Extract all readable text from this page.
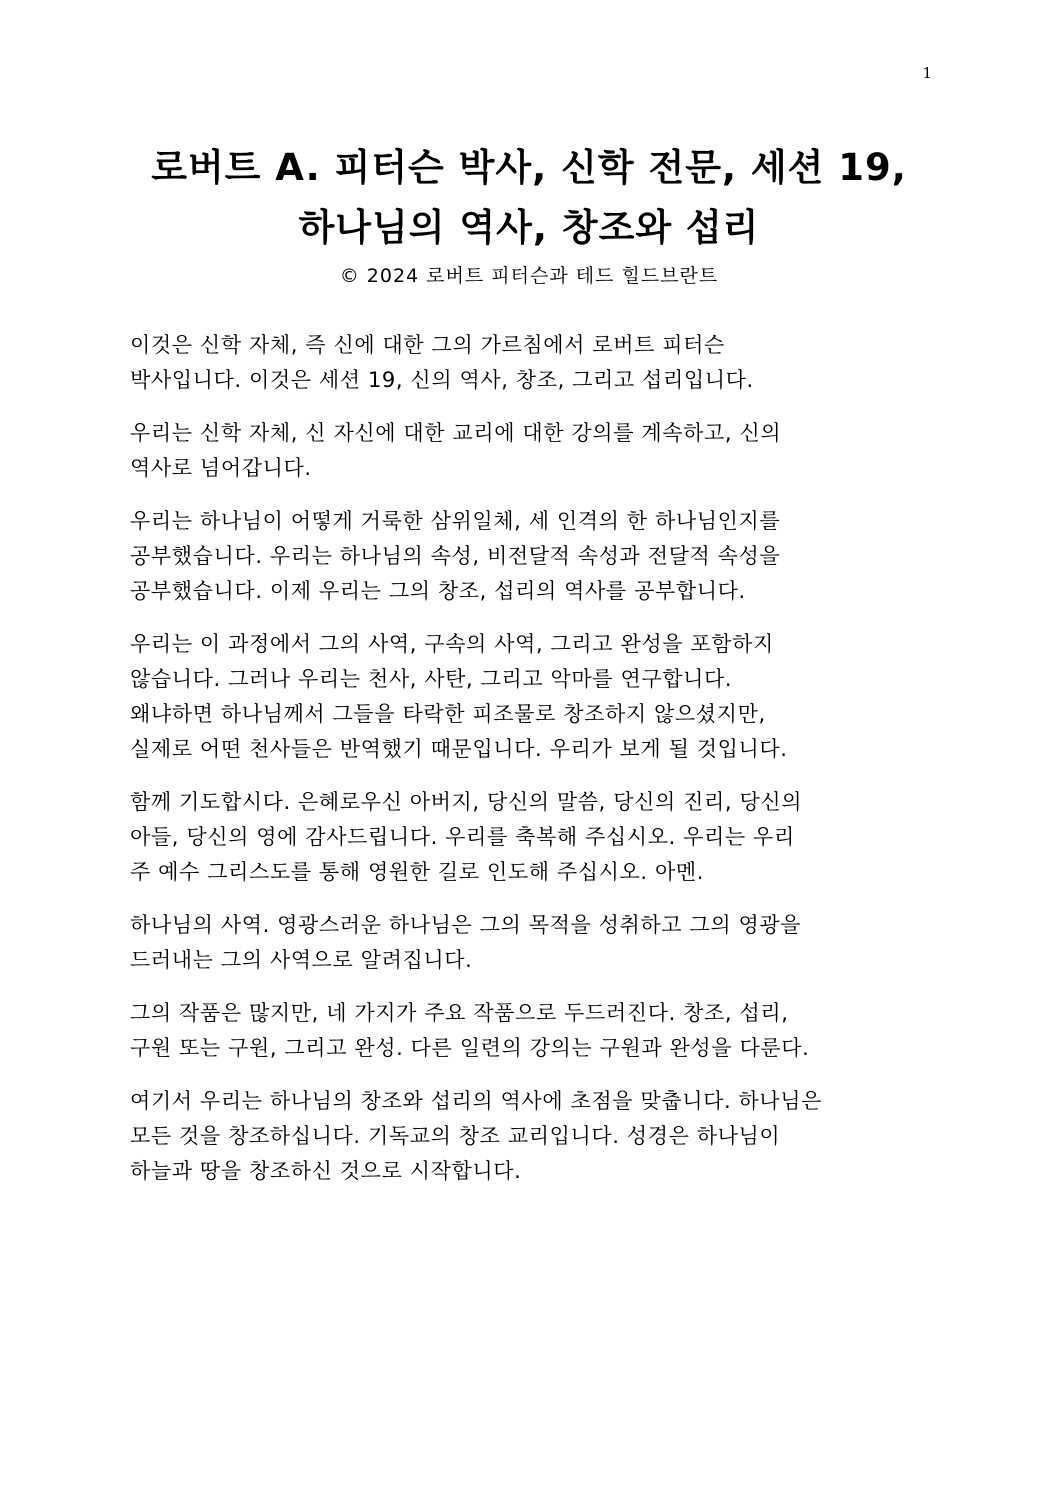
1
로버트 A. 피터슨 박사, 신학 전문, 세션 19,
하나님의 역사, 창조와 섭리
© 2024 로버트 피터슨과 테드 힐드브란트
이것은 신학 자체, 즉 신에 대한 그의 가르침에서 로버트 피터슨
박사입니다. 이것은 세션 19, 신의 역사, 창조, 그리고 섭리입니다.
우리는 신학 자체, 신 자신에 대한 교리에 대한 강의를 계속하고, 신의
역사로 넘어갑니다.
우리는 하나님이 어떻게 거룩한 삼위일체, 세 인격의 한 하나님인지를
공부했습니다. 우리는 하나님의 속성, 비전달적 속성과 전달적 속성을
공부했습니다. 이제 우리는 그의 창조, 섭리의 역사를 공부합니다.
우리는 이 과정에서 그의 사역, 구속의 사역, 그리고 완성을 포함하지
않습니다. 그러나 우리는 천사, 사탄, 그리고 악마를 연구합니다.
왜냐하면 하나님께서 그들을 타락한 피조물로 창조하지 않으셨지만,
실제로 어떤 천사들은 반역했기 때문입니다. 우리가 보게 될 것입니다.
함께 기도합시다. 은혜로우신 아버지, 당신의 말씀, 당신의 진리, 당신의
아들, 당신의 영에 감사드립니다. 우리를 축복해 주십시오. 우리는 우리
주 예수 그리스도를 통해 영원한 길로 인도해 주십시오. 아멘.
하나님의 사역. 영광스러운 하나님은 그의 목적을 성취하고 그의 영광을
드러내는 그의 사역으로 알려집니다.
그의 작품은 많지만, 네 가지가 주요 작품으로 두드러진다. 창조, 섭리,
구원 또는 구원, 그리고 완성. 다른 일련의 강의는 구원과 완성을 다룬다.
여기서 우리는 하나님의 창조와 섭리의 역사에 초점을 맞춥니다. 하나님은
모든 것을 창조하십니다. 기독교의 창조 교리입니다. 성경은 하나님이
하늘과 땅을 창조하신 것으로 시작합니다.
